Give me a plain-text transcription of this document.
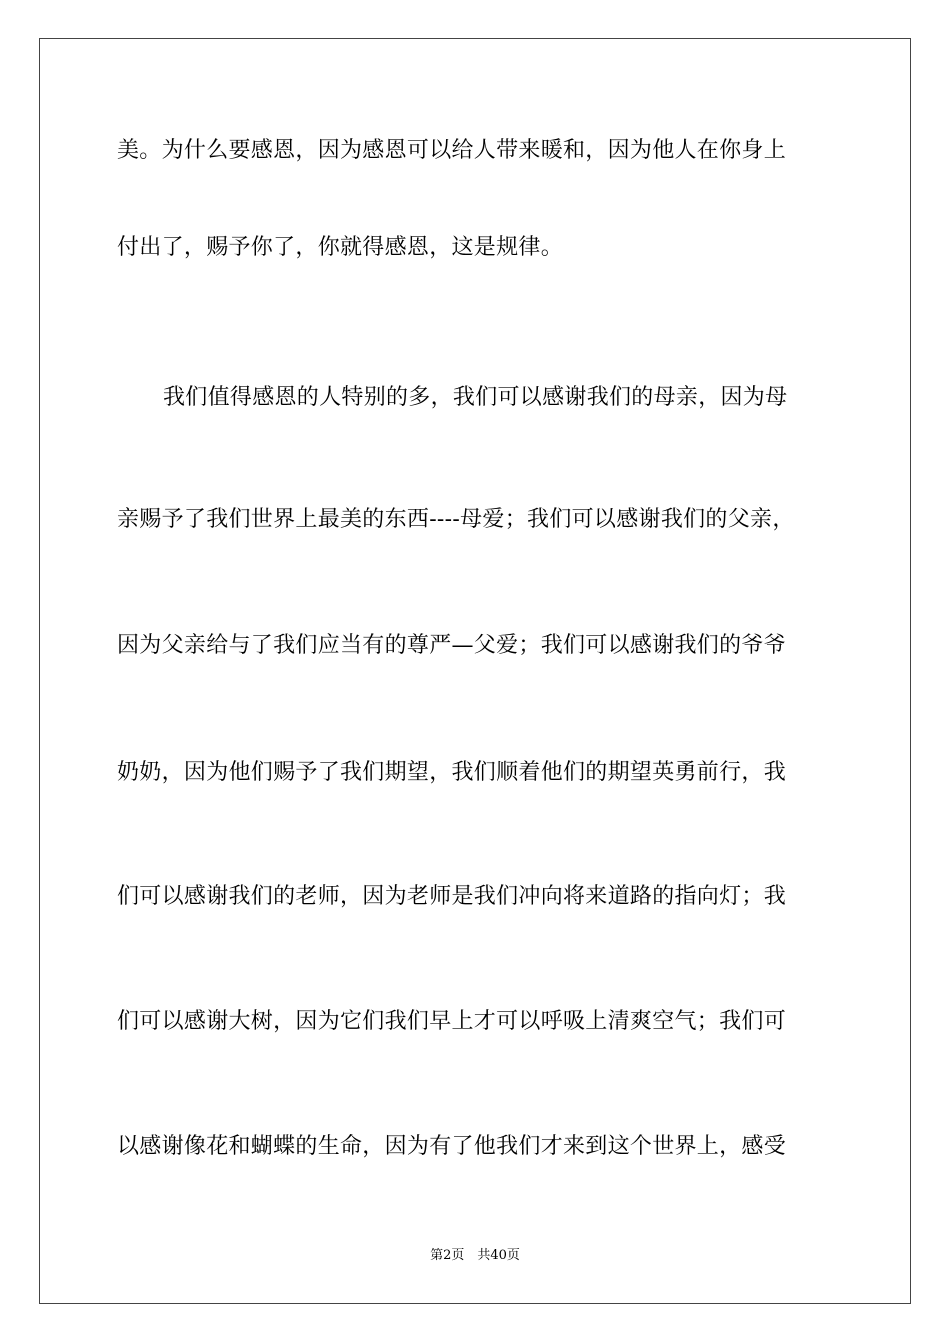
美。为什么要感恩，因为感恩可以给人带来暖和，因为他人在你身上
付出了，赐予你了，你就得感恩，这是规律。
我们值得感恩的人特别的多，我们可以感谢我们的母亲，因为母
亲赐予了我们世界上最美的东西----母爱；我们可以感谢我们的父亲，
因为父亲给与了我们应当有的尊严—父爱；我们可以感谢我们的爷爷
奶奶，因为他们赐予了我们期望，我们顺着他们的期望英勇前行，我
们可以感谢我们的老师，因为老师是我们冲向将来道路的指向灯；我
们可以感谢大树，因为它们我们早上才可以呼吸上清爽空气；我们可
以感谢像花和蝴蝶的生命，因为有了他我们才来到这个世界上，感受
第2页　共40页
